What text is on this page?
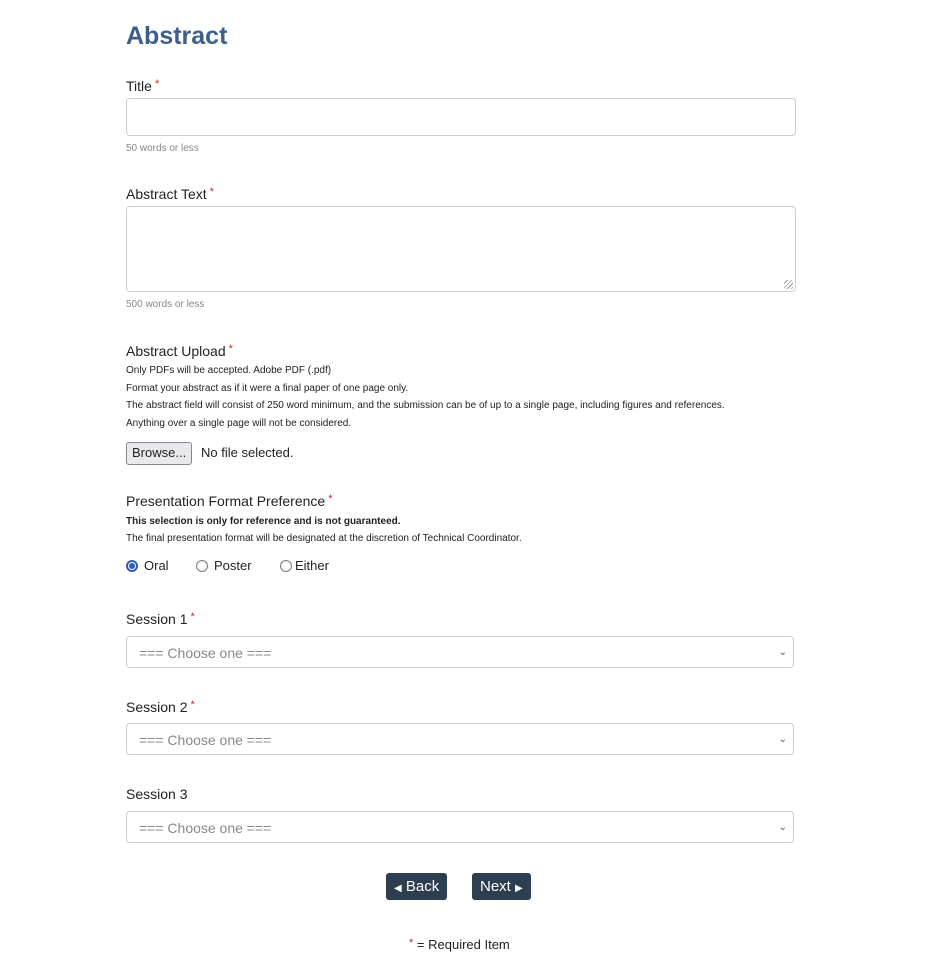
Abstract
Title *
50 words or less
Abstract Text *
500 words or less
Abstract Upload *
Only PDFs will be accepted. Adobe PDF (.pdf)
Format your abstract as if it were a final paper of one page only.
The abstract field will consist of 250 word minimum, and the submission can be of up to a single page, including figures and references.
Anything over a single page will not be considered.
Browse...	No file selected.
Presentation Format Preference *
This selection is only for reference and is not guaranteed.
The final presentation format will be designated at the discretion of Technical Coordinator.
Oral	Poster	Either
Session 1 *
=== Choose one ===	⌄
Session 2 *
=== Choose one ===	⌄
Session 3
=== Choose one ===	⌄
◀ Back	Next ▶
* = Required Item
